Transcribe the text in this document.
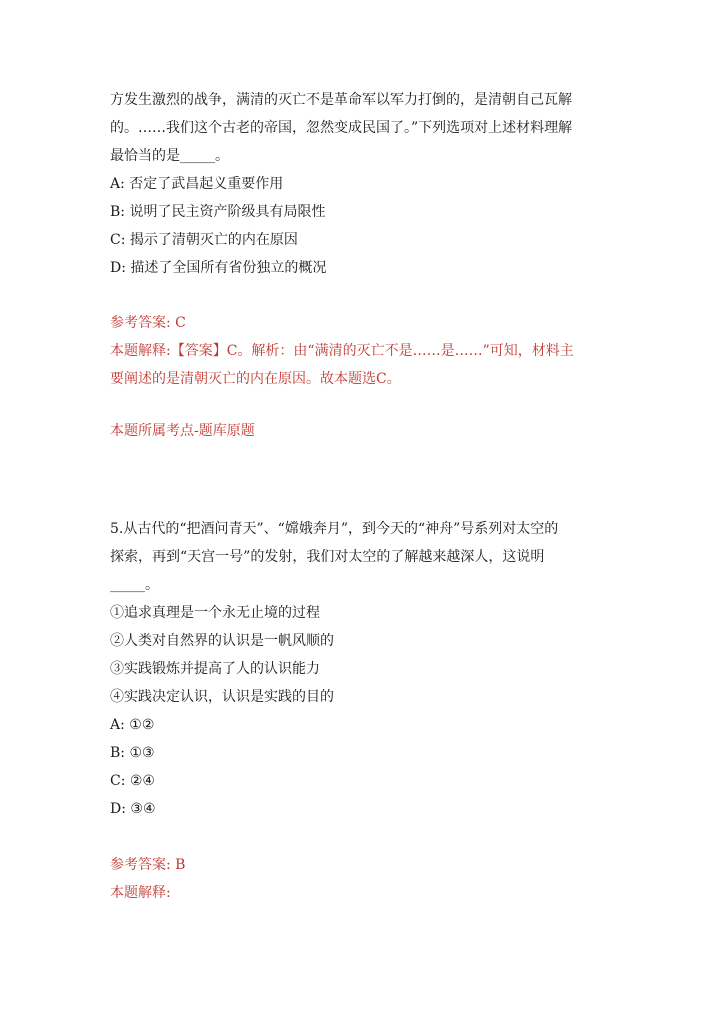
方发生激烈的战争，满清的灭亡不是革命军以军力打倒的，是清朝自己瓦解

的。……我们这个古老的帝国，忽然变成民国了。”下列选项对上述材料理解

最恰当的是_____。

A: 否定了武昌起义重要作用

B: 说明了民主资产阶级具有局限性

C: 揭示了清朝灭亡的内在原因

D: 描述了全国所有省份独立的概况

参考答案: C

本题解释:【答案】C。解析：由“满清的灭亡不是……是……”可知，材料主

要阐述的是清朝灭亡的内在原因。故本题选C。

本题所属考点-题库原题

5.从古代的“把酒问青天”、“嫦娥奔月”，到今天的“神舟”号系列对太空的

探索，再到“天宫一号”的发射，我们对太空的了解越来越深人，这说明

_____。

①追求真理是一个永无止境的过程

②人类对自然界的认识是一帆风顺的

③实践锻炼并提高了人的认识能力

④实践决定认识，认识是实践的目的

A: ①②

B: ①③

C: ②④

D: ③④

参考答案: B

本题解释:
